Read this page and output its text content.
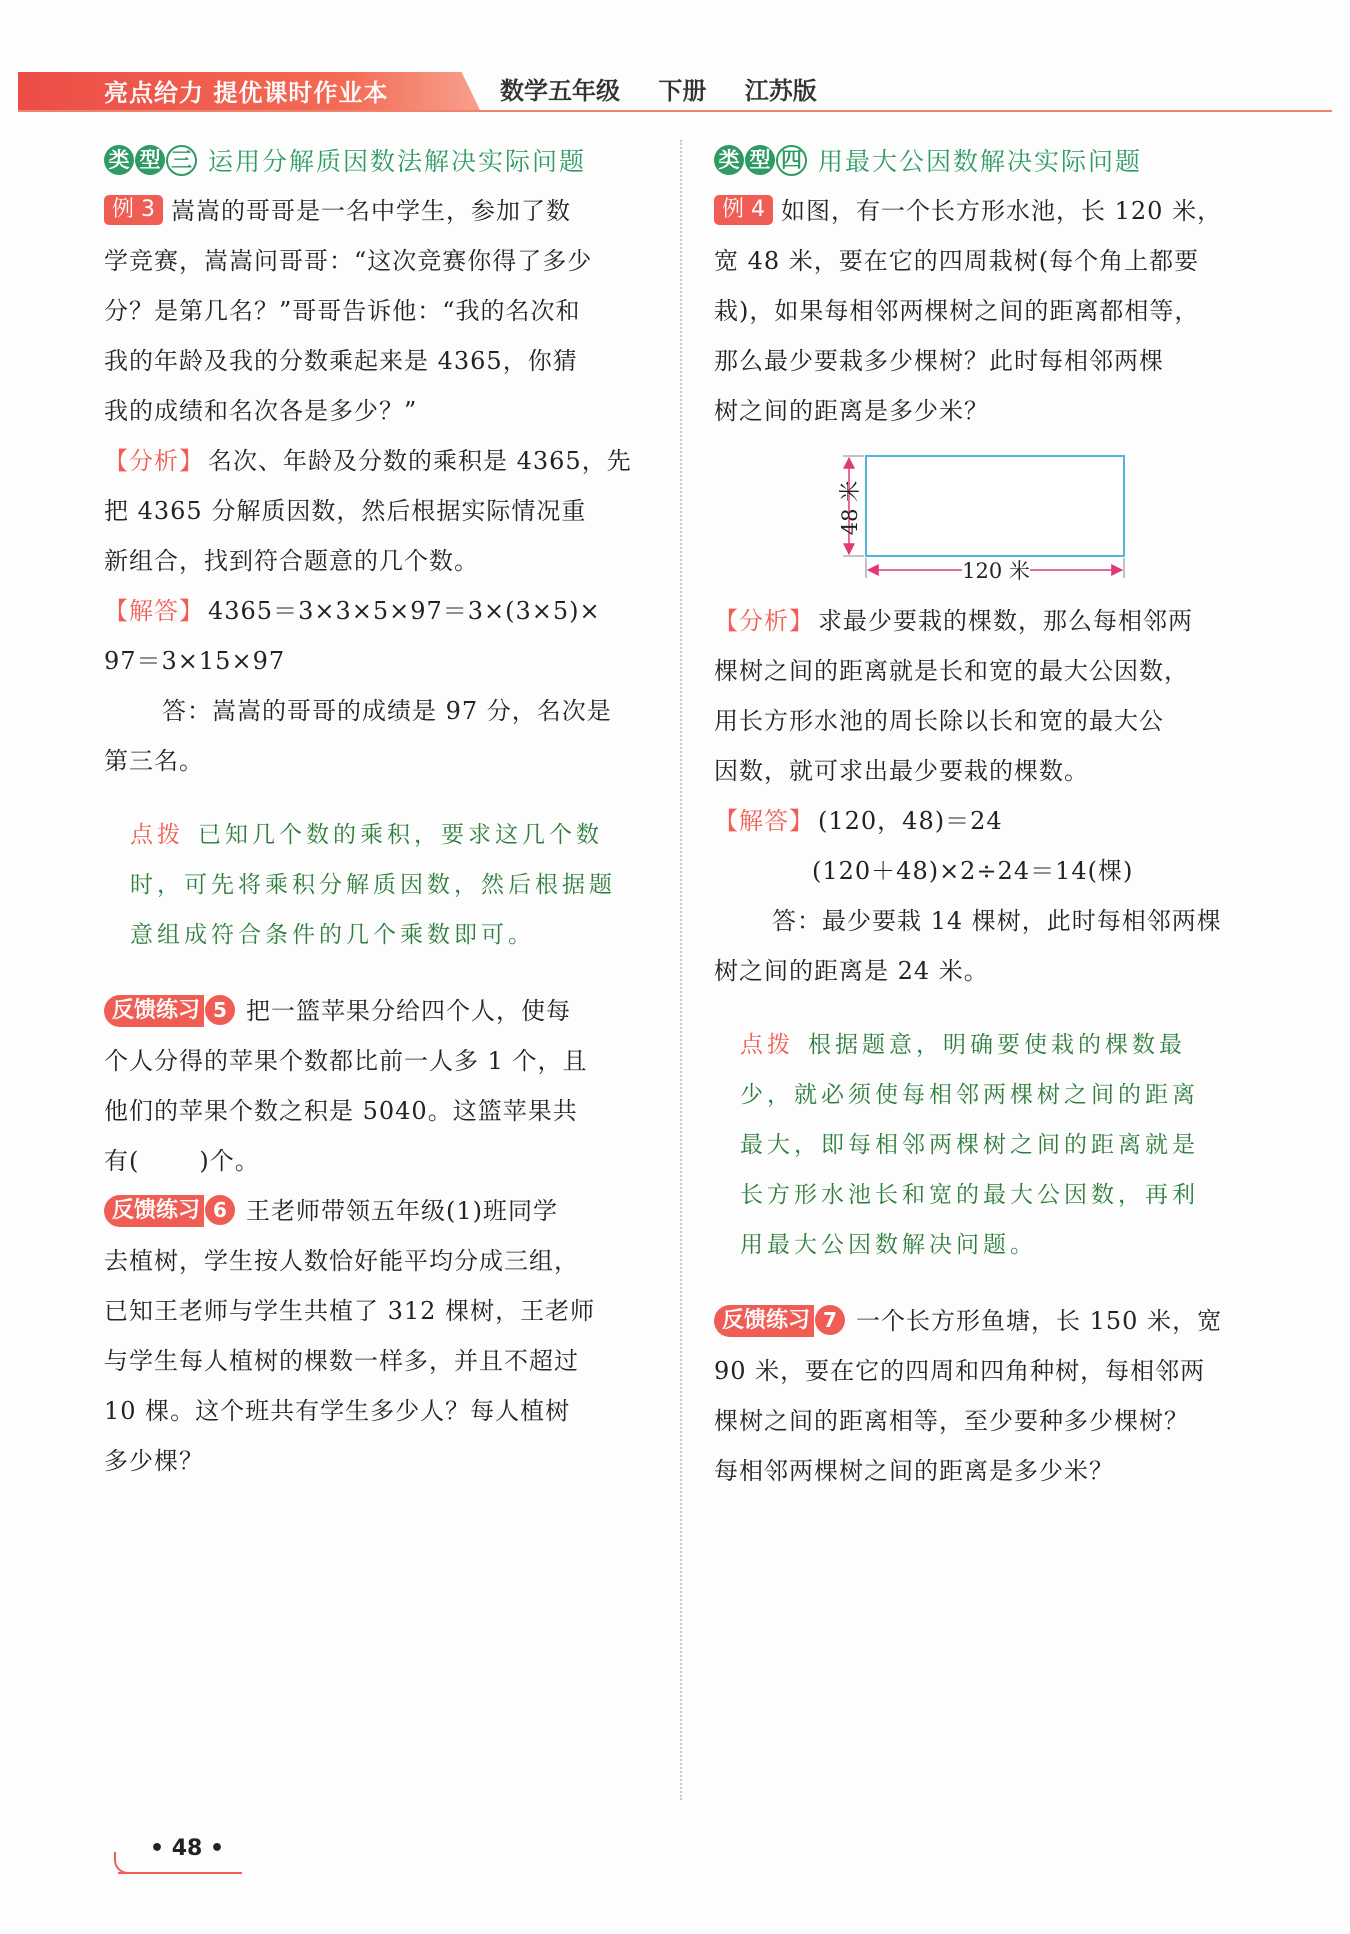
亮点给力 提优课时作业本	数学五年级 下册 江苏版
类 型 三 运用分解质因数法解决实际问题

例 3 嵩嵩的哥哥是一名中学生，参加了数

学竞赛，嵩嵩问哥哥：“这次竞赛你得了多少

分？是第几名？”哥哥告诉他：“我的名次和

我的年龄及我的分数乘起来是 4365，你猜

我的成绩和名次各是多少？”

【分析】 名次、年龄及分数的乘积是 4365，先

把 4365 分解质因数，然后根据实际情况重

新组合，找到符合题意的几个数。

【解答】 4365＝3×3×5×97＝3×(3×5)×

97＝3×15×97

答：嵩嵩的哥哥的成绩是 97 分，名次是

第三名。

点拨 已知几个数的乘积，要求这几个数

时，可先将乘积分解质因数，然后根据题

意组成符合条件的几个乘数即可。

反馈练习 5 把一篮苹果分给四个人，使每

个人分得的苹果个数都比前一人多 1 个，且

他们的苹果个数之积是 5040。这篮苹果共

有(	)个。

反馈练习 6 王老师带领五年级(1)班同学

去植树，学生按人数恰好能平均分成三组，

已知王老师与学生共植了 312 棵树，王老师

与学生每人植树的棵数一样多，并且不超过

10 棵。这个班共有学生多少人？每人植树

多少棵？

类 型 四 用最大公因数解决实际问题

例 4 如图，有一个长方形水池，长 120 米，

宽 48 米，要在它的四周栽树(每个角上都要

栽)，如果每相邻两棵树之间的距离都相等，

那么最少要栽多少棵树？此时每相邻两棵

树之间的距离是多少米？

48 米
120 米

【分析】 求最少要栽的棵数，那么每相邻两

棵树之间的距离就是长和宽的最大公因数，

用长方形水池的周长除以长和宽的最大公

因数，就可求出最少要栽的棵数。

【解答】 (120，48)＝24

(120＋48)×2÷24＝14(棵)

答：最少要栽 14 棵树，此时每相邻两棵

树之间的距离是 24 米。

点拨 根据题意，明确要使栽的棵数最

少，就必须使每相邻两棵树之间的距离

最大，即每相邻两棵树之间的距离就是

长方形水池长和宽的最大公因数，再利

用最大公因数解决问题。

反馈练习 7 一个长方形鱼塘，长 150 米，宽

90 米，要在它的四周和四角种树，每相邻两

棵树之间的距离相等，至少要种多少棵树？

每相邻两棵树之间的距离是多少米？

• 48 •
